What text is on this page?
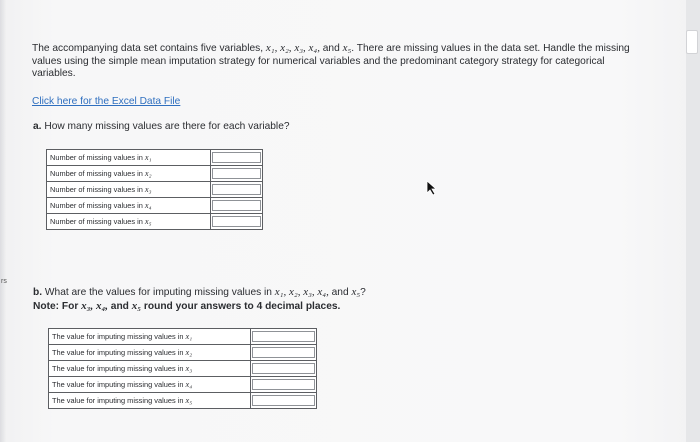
rs
The accompanying data set contains five variables, x₁, x₂, x₃, x₄, and x₅. There are missing values in the data set. Handle the missing values using the simple mean imputation strategy for numerical variables and the predominant category strategy for categorical variables.
Click here for the Excel Data File
a. How many missing values are there for each variable?
Number of missing values in x₁	

Number of missing values in x₂	

Number of missing values in x₃	

Number of missing values in x₄	

Number of missing values in x₅	
b. What are the values for imputing missing values in x₁, x₂, x₃, x₄, and x₅?
Note: For x₃, x₄, and x₅ round your answers to 4 decimal places.
The value for imputing missing values in x₁	

The value for imputing missing values in x₂	

The value for imputing missing values in x₃	

The value for imputing missing values in x₄	

The value for imputing missing values in x₅	
